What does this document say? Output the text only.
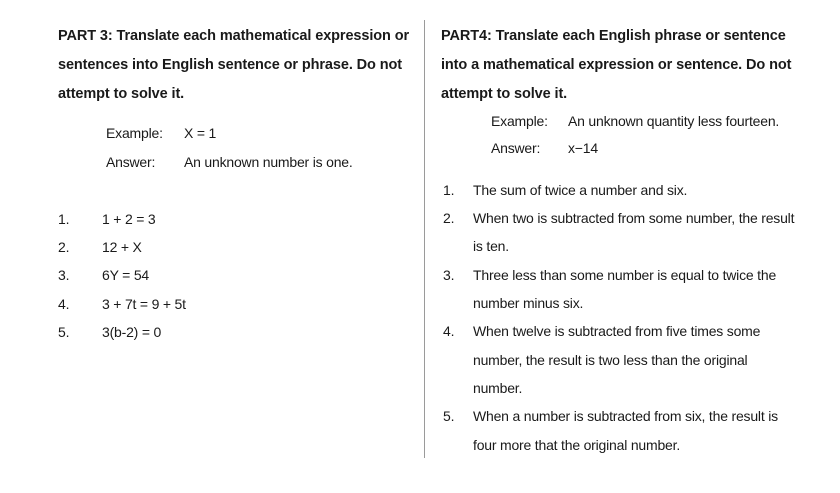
PART 3: Translate each mathematical expression or
sentences into English sentence or phrase. Do not
attempt to solve it.
Example: X = 1
Answer: An unknown number is one.
1. 1 + 2 = 3
2. 12 + X
3. 6Y = 54
4. 3 + 7t = 9 + 5t
5. 3(b-2) = 0
PART4: Translate each English phrase or sentence
into a mathematical expression or sentence. Do not
attempt to solve it.
Example: An unknown quantity less fourteen.
Answer: x−14
1. The sum of twice a number and six.
2. When two is subtracted from some number, the result
is ten.
3. Three less than some number is equal to twice the
number minus six.
4. When twelve is subtracted from five times some
number, the result is two less than the original
number.
5. When a number is subtracted from six, the result is
four more that the original number.
